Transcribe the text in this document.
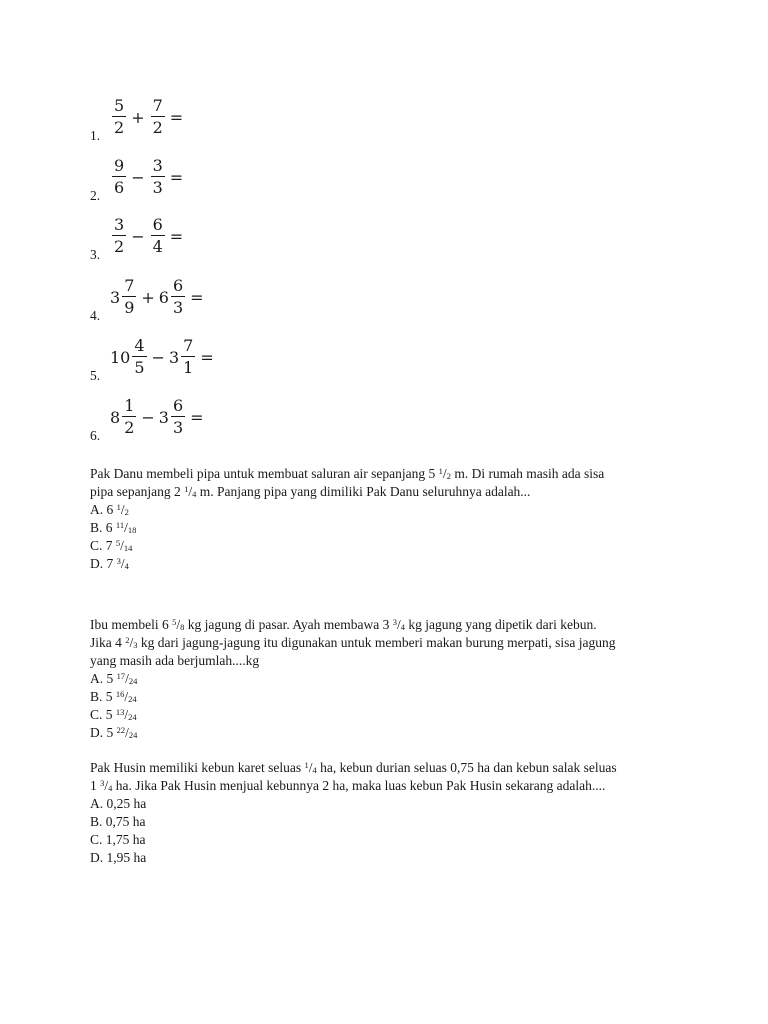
1. $\frac{5}{2} + \frac{7}{2}$ =
2. $\frac{9}{6} - \frac{3}{3}$ =
3. $\frac{3}{2} - \frac{6}{4}$ =
4.
$3 \frac{7}{9} + 6 \frac{6}{3}$ =
5.
$10 \frac{4}{5} - 3 \frac{7}{1}$ =
6.
$8 \frac{1}{2} - 3 \frac{6}{3}$ =

Pak Danu membeli pipa untuk membuat saluran air sepanjang 5 $^1/_2$ m. Di rumah masih ada sisa

pipa sepanjang 2 $^1/_4$ m. Panjang pipa yang dimiliki Pak Danu seluruhnya adalah...

A. 6 $^1/_2$

B. 6 $^{11}/_{18}$

C. 7 $^5/_{14}$

D. 7 $^3/_4$

Ibu membeli 6 $^5/_8$ kg jagung di pasar. Ayah membawa 3 $^3/_4$ kg jagung yang dipetik dari kebun.

Jika 4 $^2/_3$ kg dari jagung-jagung itu digunakan untuk memberi makan burung merpati, sisa jagung

yang masih ada berjumlah....kg

A. 5 $^{17}/_{24}$

B. 5 $^{16}/_{24}$

C. 5 $^{13}/_{24}$

D. 5 $^{22}/_{24}$

Pak Husin memiliki kebun karet seluas $^1/_4$ ha, kebun durian seluas 0,75 ha dan kebun salak seluas

1 $^3/_4$ ha. Jika Pak Husin menjual kebunnya 2 ha, maka luas kebun Pak Husin sekarang adalah....

A. 0,25 ha

B. 0,75 ha

C. 1,75 ha

D. 1,95 ha
